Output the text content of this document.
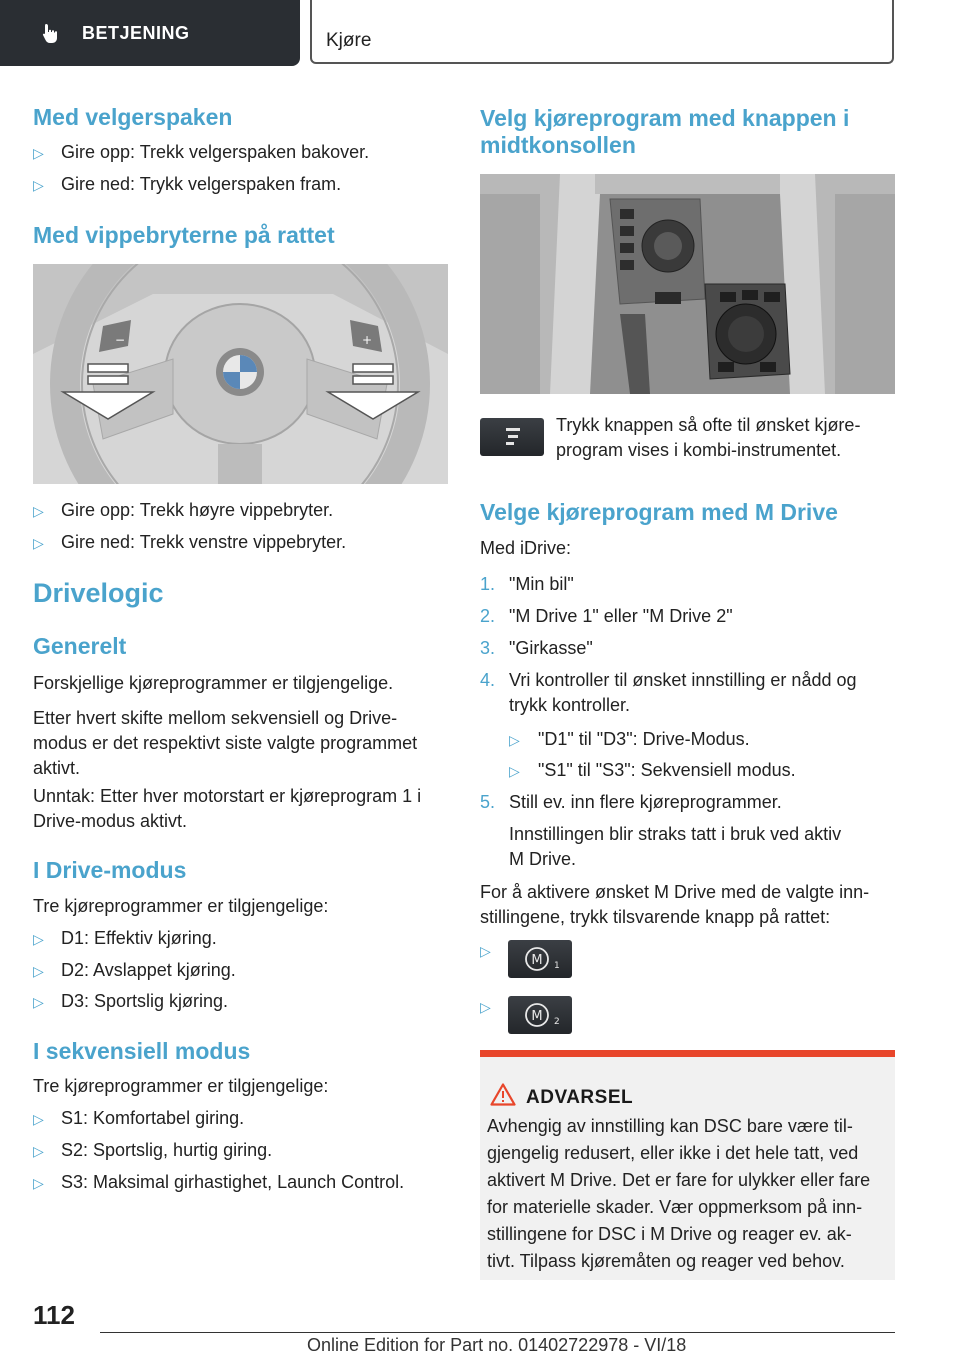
BETJENING	Kjøre
Med velgerspaken
▷ Gire opp: Trekk velgerspaken bakover.
▷ Gire ned: Trykk velgerspaken fram.
Med vippebryterne på rattet
−	+
▷ Gire opp: Trekk høyre vippebryter.
▷ Gire ned: Trekk venstre vippebryter.
Drivelogic
Generelt
Forskjellige kjøreprogrammer er tilgjengelige.
Etter hvert skifte mellom sekvensiell og Drive-
modus er det respektivt siste valgte programmet
aktivt.
Unntak: Etter hver motorstart er kjøreprogram 1 i
Drive-modus aktivt.
I Drive-modus
Tre kjøreprogrammer er tilgjengelige:
▷ D1: Effektiv kjøring.
▷ D2: Avslappet kjøring.
▷ D3: Sportslig kjøring.
I sekvensiell modus
Tre kjøreprogrammer er tilgjengelige:
▷ S1: Komfortabel giring.
▷ S2: Sportslig, hurtig giring.
▷ S3: Maksimal girhastighet, Launch Control.
Velg kjøreprogram med knappen i
midtkonsollen
Trykk knappen så ofte til ønsket kjøre-
program vises i kombi-instrumentet.
Velge kjøreprogram med M Drive
Med iDrive:
1. "Min bil"
2. "M Drive 1" eller "M Drive 2"
3. "Girkasse"
4. Vri kontroller til ønsket innstilling er nådd og
trykk kontroller.
▷ "D1" til "D3": Drive-Modus.
▷ "S1" til "S3": Sekvensiell modus.
5. Still ev. inn flere kjøreprogrammer.
Innstillingen blir straks tatt i bruk ved aktiv
M Drive.
For å aktivere ønsket M Drive med de valgte inn-
stillingene, trykk tilsvarende knapp på rattet:
▷
M 1
▷
M 2
ADVARSEL
Avhengig av innstilling kan DSC bare være til-
gjengelig redusert, eller ikke i det hele tatt, ved
aktivert M Drive. Det er fare for ulykker eller fare
for materielle skader. Vær oppmerksom på inn-
stillingene for DSC i M Drive og reager ev. ak-
tivt. Tilpass kjøremåten og reager ved behov.
112
Online Edition for Part no. 01402722978 - VI/18
